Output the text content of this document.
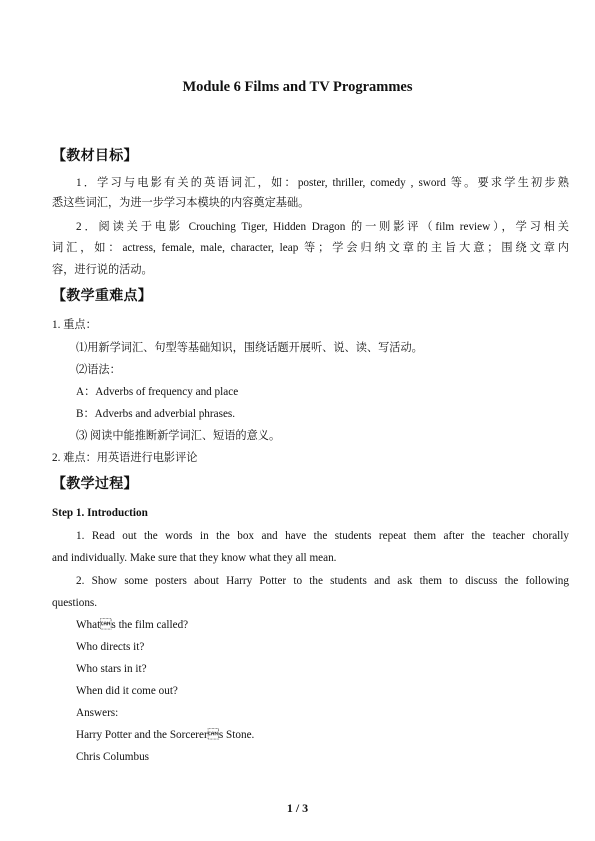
Module 6 Films and TV Programmes
【教材目标】
1．学习与电影有关的英语词汇，如：poster, thriller, comedy , sword 等。要求学生初步熟
悉这些词汇，为进一步学习本模块的内容奠定基础。
2．阅读关于电影 Crouching Tiger, Hidden Dragon 的一则影评（film review），学习相关
词汇，如：actress, female, male, character, leap 等；学会归纳文章的主旨大意；围绕文章内
容，进行说的活动。
【教学重难点】
1. 重点：
⑴用新学词汇、句型等基础知识，围绕话题开展听、说、读、写活动。
⑵语法：
A：Adverbs of frequency and place
B：Adverbs and adverbial phrases.
⑶ 阅读中能推断新学词汇、短语的意义。
2. 难点：用英语进行电影评论
【教学过程】
Step 1. Introduction
1. Read out the words in the box and have the students repeat them after the teacher chorally
and individually. Make sure that they know what they all mean.
2. Show some posters about Harry Potter to the students and ask them to discuss the following
questions.
Whats the film called?
Who directs it?
Who stars in it?
When did it come out?
Answers:
Harry Potter and the Sorcerers Stone.
Chris Columbus
1 / 3
